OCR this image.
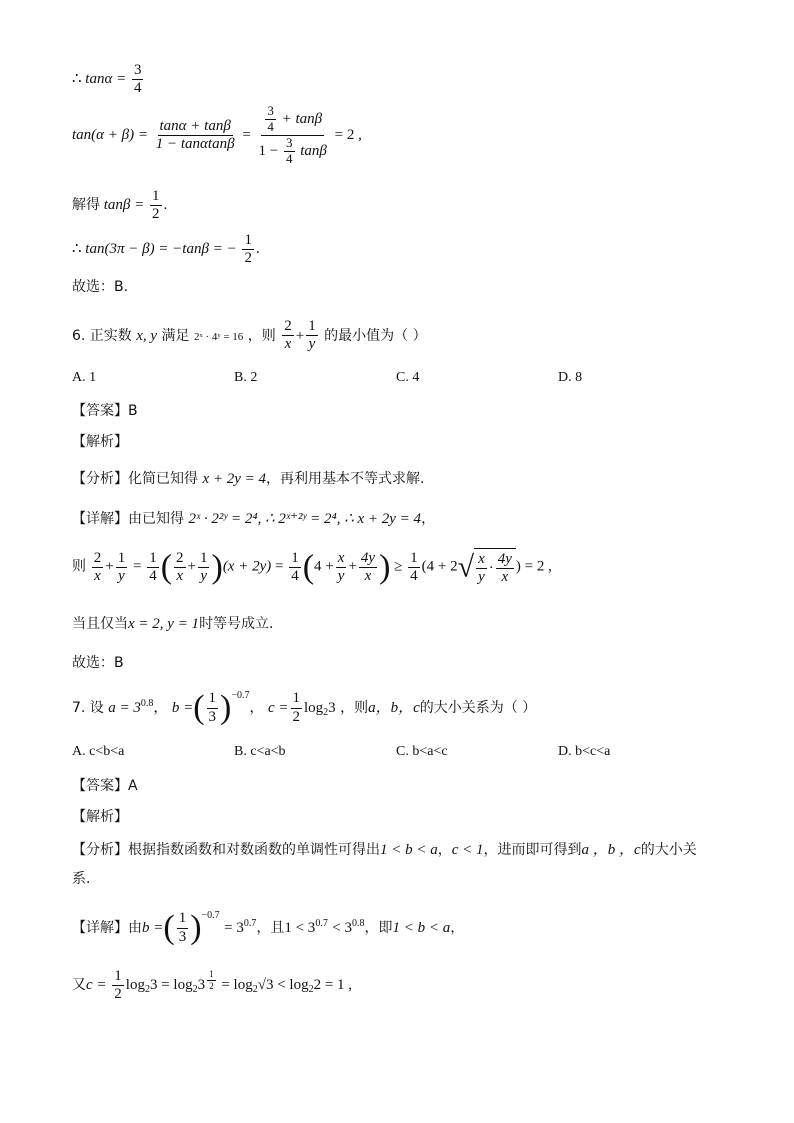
∴ $\tan\alpha = \frac{3}{4}$
$\tan(\alpha + \beta) = \frac{\tan\alpha + \tan\beta}{1 - \tan\alpha\tan\beta} = \frac{\frac{3}{4} + \tan\beta}{1 - \frac{3}{4} \tan\beta} = 2$ ,
解得 $\tan\beta = \frac{1}{2}$ .
∴ tan(3π − β) = −tanβ = − $\frac{1}{2}$ .
故选：B.
6. 正实数 x, y 满足 2ˣ · 4ʸ = 16 ，则 $\frac{2}{x} + \frac{1}{y}$ 的最小值为（ ）
A. 1	B. 2	C. 4	D. 8
【答案】B
【解析】
【分析】化简已知得 x + 2y = 4，再利用基本不等式求解.
【详解】由已知得 2ˣ · 2²ʸ = 2⁴, ∴ 2ˣ⁺²ʸ = 2⁴, ∴ x + 2y = 4，
则 $\frac{2}{x} + \frac{1}{y} = \frac{1}{4}$ ( $\frac{2}{x} + \frac{1}{y} )(x + 2y) = \frac{1}{4} (4 + \frac{x}{y} + \frac{4y}{x}$ ) ≥ $\frac{1}{4} (4 + 2√ \frac{x}{y} \cdot \frac{4y}{x}$ ) = 2 ,
当且仅当x = 2, y = 1时等号成立.
故选：B
7. 设 $a = 3^{0.8}$， b =( $\frac{1}{3} )^{-0.7}$， $c = \frac{1}{2} \log_23$ ，则a，b，c的大小关系为（ ）
A. c<b<a	B. c<a<b	C. b<a<c	D. b<c<a
【答案】A
【解析】
【分析】根据指数函数和对数函数的单调性可得出1 < b < a，c < 1，进而即可得到a ，b ，c的大小关
系.
【详解】由b =( $\frac{1}{3} )^{-0.7} = 3^{0.7}$，且$1 < 3^{0.7} < 3^{0.8}$，即1 < b < a，
又$c = \frac{1}{2} \log_23 = \log_23 \frac{1}{2} = \log_2√3 < \log_22 = 1$ ,
